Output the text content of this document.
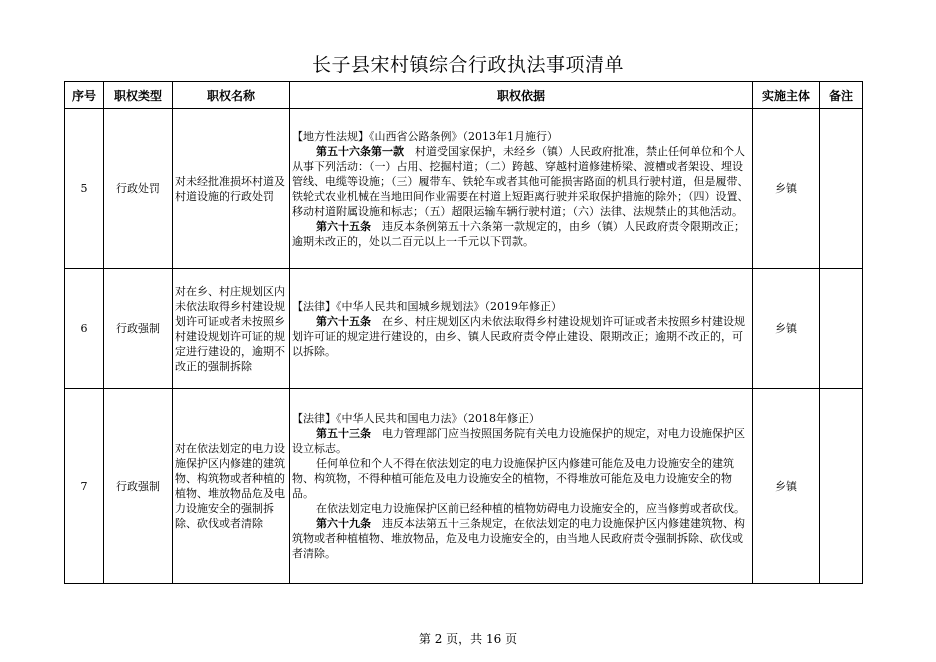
长子县宋村镇综合行政执法事项清单
序号	职权类型	职权名称	职权依据	实施主体	备注
5	行政处罚	对未经批准损坏村道及村道设施的行政处罚	【地方性法规】《山西省公路条例》（2013年1月施行）
第五十六条第一款　 村道受国家保护，未经乡（镇）人民政府批准，禁止任何单位和个人从事下列活动：（一）占用、挖掘村道；（二）跨越、穿越村道修建桥梁、渡槽或者架设、埋设管线、电缆等设施；（三）履带车、铁轮车或者其他可能损害路面的机具行驶村道，但是履带、铁轮式农业机械在当地田间作业需要在村道上短距离行驶并采取保护措施的除外；（四）设置、移动村道附属设施和标志；（五）超限运输车辆行驶村道；（六）法律、法规禁止的其他活动。
第六十五条　 违反本条例第五十六条第一款规定的，由乡（镇）人民政府责令限期改正；逾期未改正的，处以二百元以上一千元以下罚款。	乡镇	
6	行政强制	对在乡、村庄规划区内未依法取得乡村建设规划许可证或者未按照乡村建设规划许可证的规定进行建设的，逾期不改正的强制拆除	【法律】《中华人民共和国城乡规划法》（2019年修正）
第六十五条　 在乡、村庄规划区内未依法取得乡村建设规划许可证或者未按照乡村建设规划许可证的规定进行建设的，由乡、镇人民政府责令停止建设、限期改正；逾期不改正的，可以拆除。	乡镇	
7	行政强制	对在依法划定的电力设施保护区内修建的建筑物、构筑物或者种植的植物、堆放物品危及电力设施安全的强制拆除、砍伐或者清除	【法律】《中华人民共和国电力法》（2018年修正）
第五十三条　 电力管理部门应当按照国务院有关电力设施保护的规定，对电力设施保护区设立标志。
任何单位和个人不得在依法划定的电力设施保护区内修建可能危及电力设施安全的建筑物、构筑物，不得种植可能危及电力设施安全的植物，不得堆放可能危及电力设施安全的物品。
在依法划定电力设施保护区前已经种植的植物妨碍电力设施安全的，应当修剪或者砍伐。
第六十九条　 违反本法第五十三条规定，在依法划定的电力设施保护区内修建建筑物、构筑物或者种植植物、堆放物品，危及电力设施安全的，由当地人民政府责令强制拆除、砍伐或者清除。	乡镇	
第 2 页，共 16 页
